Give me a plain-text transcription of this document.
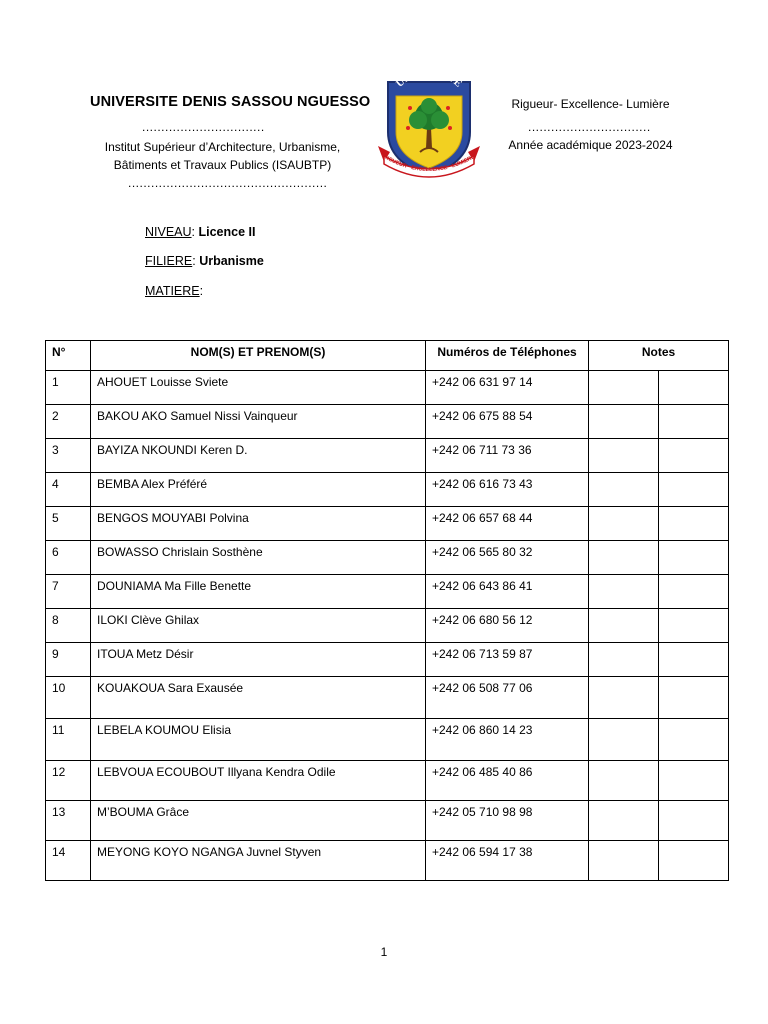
UNIVERSITE DENIS SASSOU NGUESSO
................................
Institut Supérieur d’Architecture, Urbanisme,
Bâtiments et Travaux Publics (ISAUBTP)
....................................................
Rigueur- Excellence- Lumière
................................
Année académique 2023-2024
UNIVERSITE
RIGUEUR · EXCELLENCE · LUMIERE
NIVEAU: Licence II
FILIERE: Urbanisme
MATIERE:
N°	NOM(S) ET PRENOM(S)	Numéros de Téléphones	Notes	
1	AHOUET Louisse Sviete	+242 06 631 97 14		
2	BAKOU AKO Samuel Nissi Vainqueur	+242 06 675 88 54		
3	BAYIZA NKOUNDI Keren D.	+242 06 711 73 36		
4	BEMBA Alex Préféré	+242 06 616 73 43		
5	BENGOS MOUYABI Polvina	+242 06 657 68 44		
6	BOWASSO Chrislain Sosthène	+242 06 565 80 32		
7	DOUNIAMA Ma Fille Benette	+242 06 643 86 41		
8	ILOKI Clève Ghilax	+242 06 680 56 12		
9	ITOUA Metz Désir	+242 06 713 59 87		
10	KOUAKOUA Sara Exausée	+242 06 508 77 06		
11	LEBELA KOUMOU Elisia	+242 06 860 14 23		
12	LEBVOUA ECOUBOUT Illyana Kendra Odile	+242 06 485 40 86		
13	M’BOUMA Grâce	+242 05 710 98 98		
14	MEYONG KOYO NGANGA Juvnel Styven	+242 06 594 17 38		
1
